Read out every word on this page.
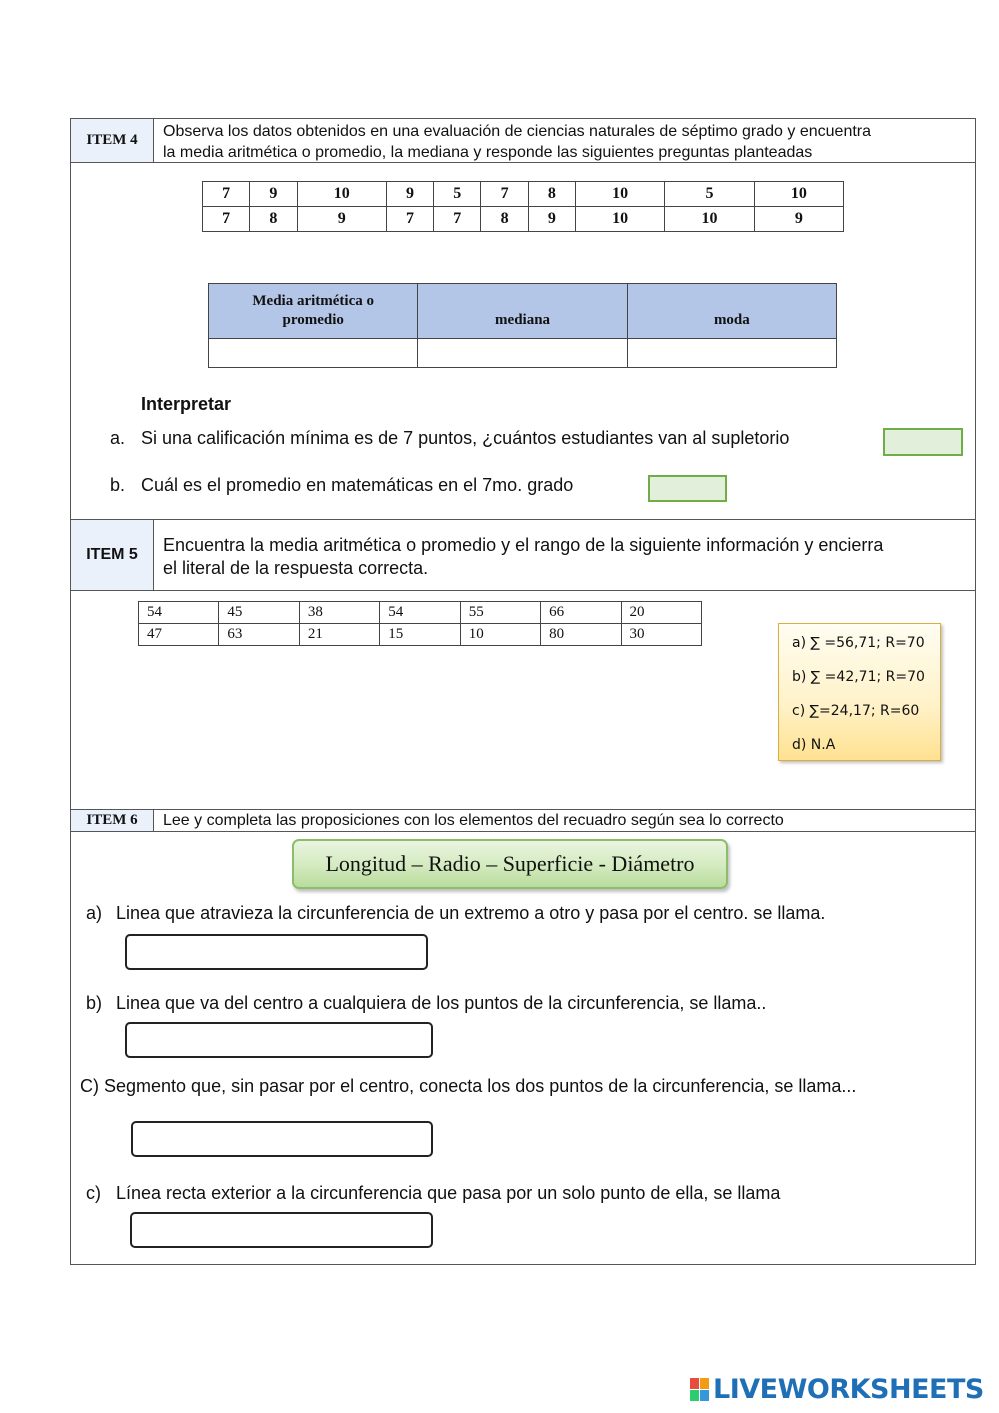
ITEM 4	Observa los datos obtenidos en una evaluación de ciencias naturales de séptimo grado y encuentra
la media aritmética o promedio, la mediana y responde las siguientes preguntas planteadas
7	9	10	9	5	7	8	10	5	10
7	8	9	7	7	8	9	10	10	9
Media aritmética o
promedio	mediana	moda

Interpretar
a. Si una calificación mínima es de 7 puntos, ¿cuántos estudiantes van al supletorio
b. Cuál es el promedio en matemáticas en el 7mo. grado
ITEM 5	Encuentra la media aritmética o promedio y el rango de la siguiente información y encierra
el literal de la respuesta correcta.
54	45	38	54	55	66	20
47	63	21	15	10	80	30
a) ∑ =56,71; R=70
b) ∑ =42,71; R=70
c) ∑=24,17; R=60
d) N.A
ITEM 6	Lee y completa las proposiciones con los elementos del recuadro según sea lo correcto
Longitud – Radio – Superficie - Diámetro
a) Linea que atravieza la circunferencia de un extremo a otro y pasa por el centro. se llama.
b) Linea que va del centro a cualquiera de los puntos de la circunferencia, se llama..
C) Segmento que, sin pasar por el centro, conecta los dos puntos de la circunferencia, se llama...
c) Línea recta exterior a la circunferencia que pasa por un solo punto de ella, se llama
LIVEWORKSHEETS
